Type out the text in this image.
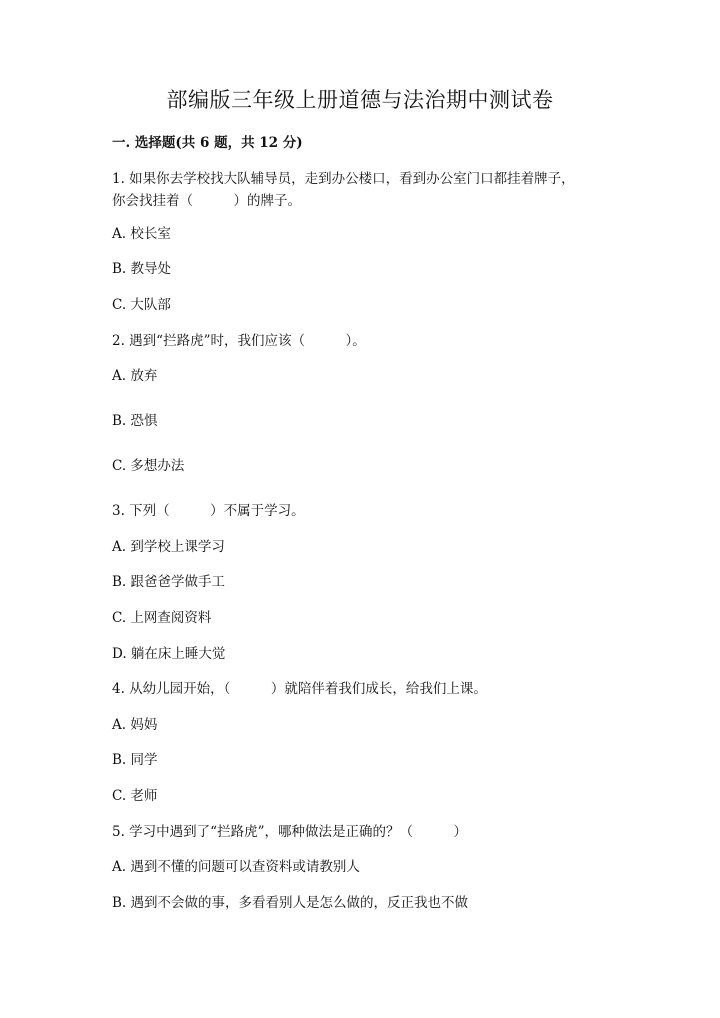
部编版三年级上册道德与法治期中测试卷
一. 选择题(共 6 题，共 12 分)
1. 如果你去学校找大队辅导员，走到办公楼口，看到办公室门口都挂着牌子，
你会找挂着（　　　）的牌子。
A. 校长室
B. 教导处
C. 大队部
2. 遇到“拦路虎”时，我们应该（　　　）。
A. 放弃
B. 恐惧
C. 多想办法
3. 下列（　　　）不属于学习。
A. 到学校上课学习
B. 跟爸爸学做手工
C. 上网查阅资料
D. 躺在床上睡大觉
4. 从幼儿园开始，（　　　）就陪伴着我们成长，给我们上课。
A. 妈妈
B. 同学
C. 老师
5. 学习中遇到了“拦路虎”，哪种做法是正确的？（　　　）
A. 遇到不懂的问题可以查资料或请教别人
B. 遇到不会做的事，多看看别人是怎么做的，反正我也不做
